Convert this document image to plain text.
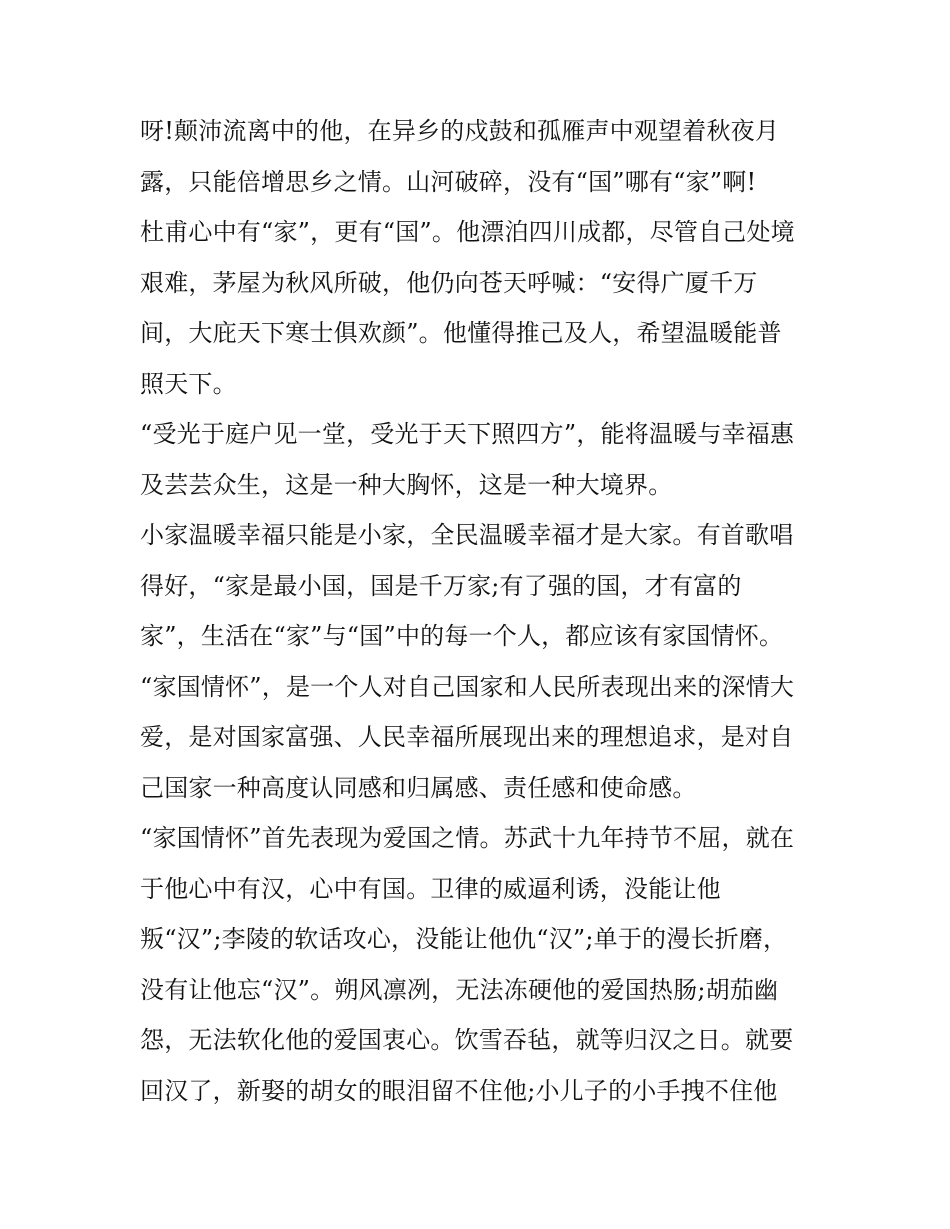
呀!颠沛流离中的他，在异乡的戍鼓和孤雁声中观望着秋夜月
露，只能倍增思乡之情。山河破碎，没有“国”哪有“家”啊!
杜甫心中有“家”，更有“国”。他漂泊四川成都，尽管自己处境
艰难，茅屋为秋风所破，他仍向苍天呼喊：“安得广厦千万
间，大庇天下寒士俱欢颜”。他懂得推己及人，希望温暖能普
照天下。
“受光于庭户见一堂，受光于天下照四方”，能将温暖与幸福惠
及芸芸众生，这是一种大胸怀，这是一种大境界。
小家温暖幸福只能是小家，全民温暖幸福才是大家。有首歌唱
得好，“家是最小国，国是千万家;有了强的国，才有富的
家”，生活在“家”与“国”中的每一个人，都应该有家国情怀。
“家国情怀”，是一个人对自己国家和人民所表现出来的深情大
爱，是对国家富强、人民幸福所展现出来的理想追求，是对自
己国家一种高度认同感和归属感、责任感和使命感。
“家国情怀”首先表现为爱国之情。苏武十九年持节不屈，就在
于他心中有汉，心中有国。卫律的威逼利诱，没能让他
叛“汉”;李陵的软话攻心，没能让他仇“汉”;单于的漫长折磨，
没有让他忘“汉”。朔风凛冽，无法冻硬他的爱国热肠;胡茄幽
怨，无法软化他的爱国衷心。饮雪吞毡，就等归汉之日。就要
回汉了，新娶的胡女的眼泪留不住他;小儿子的小手拽不住他
